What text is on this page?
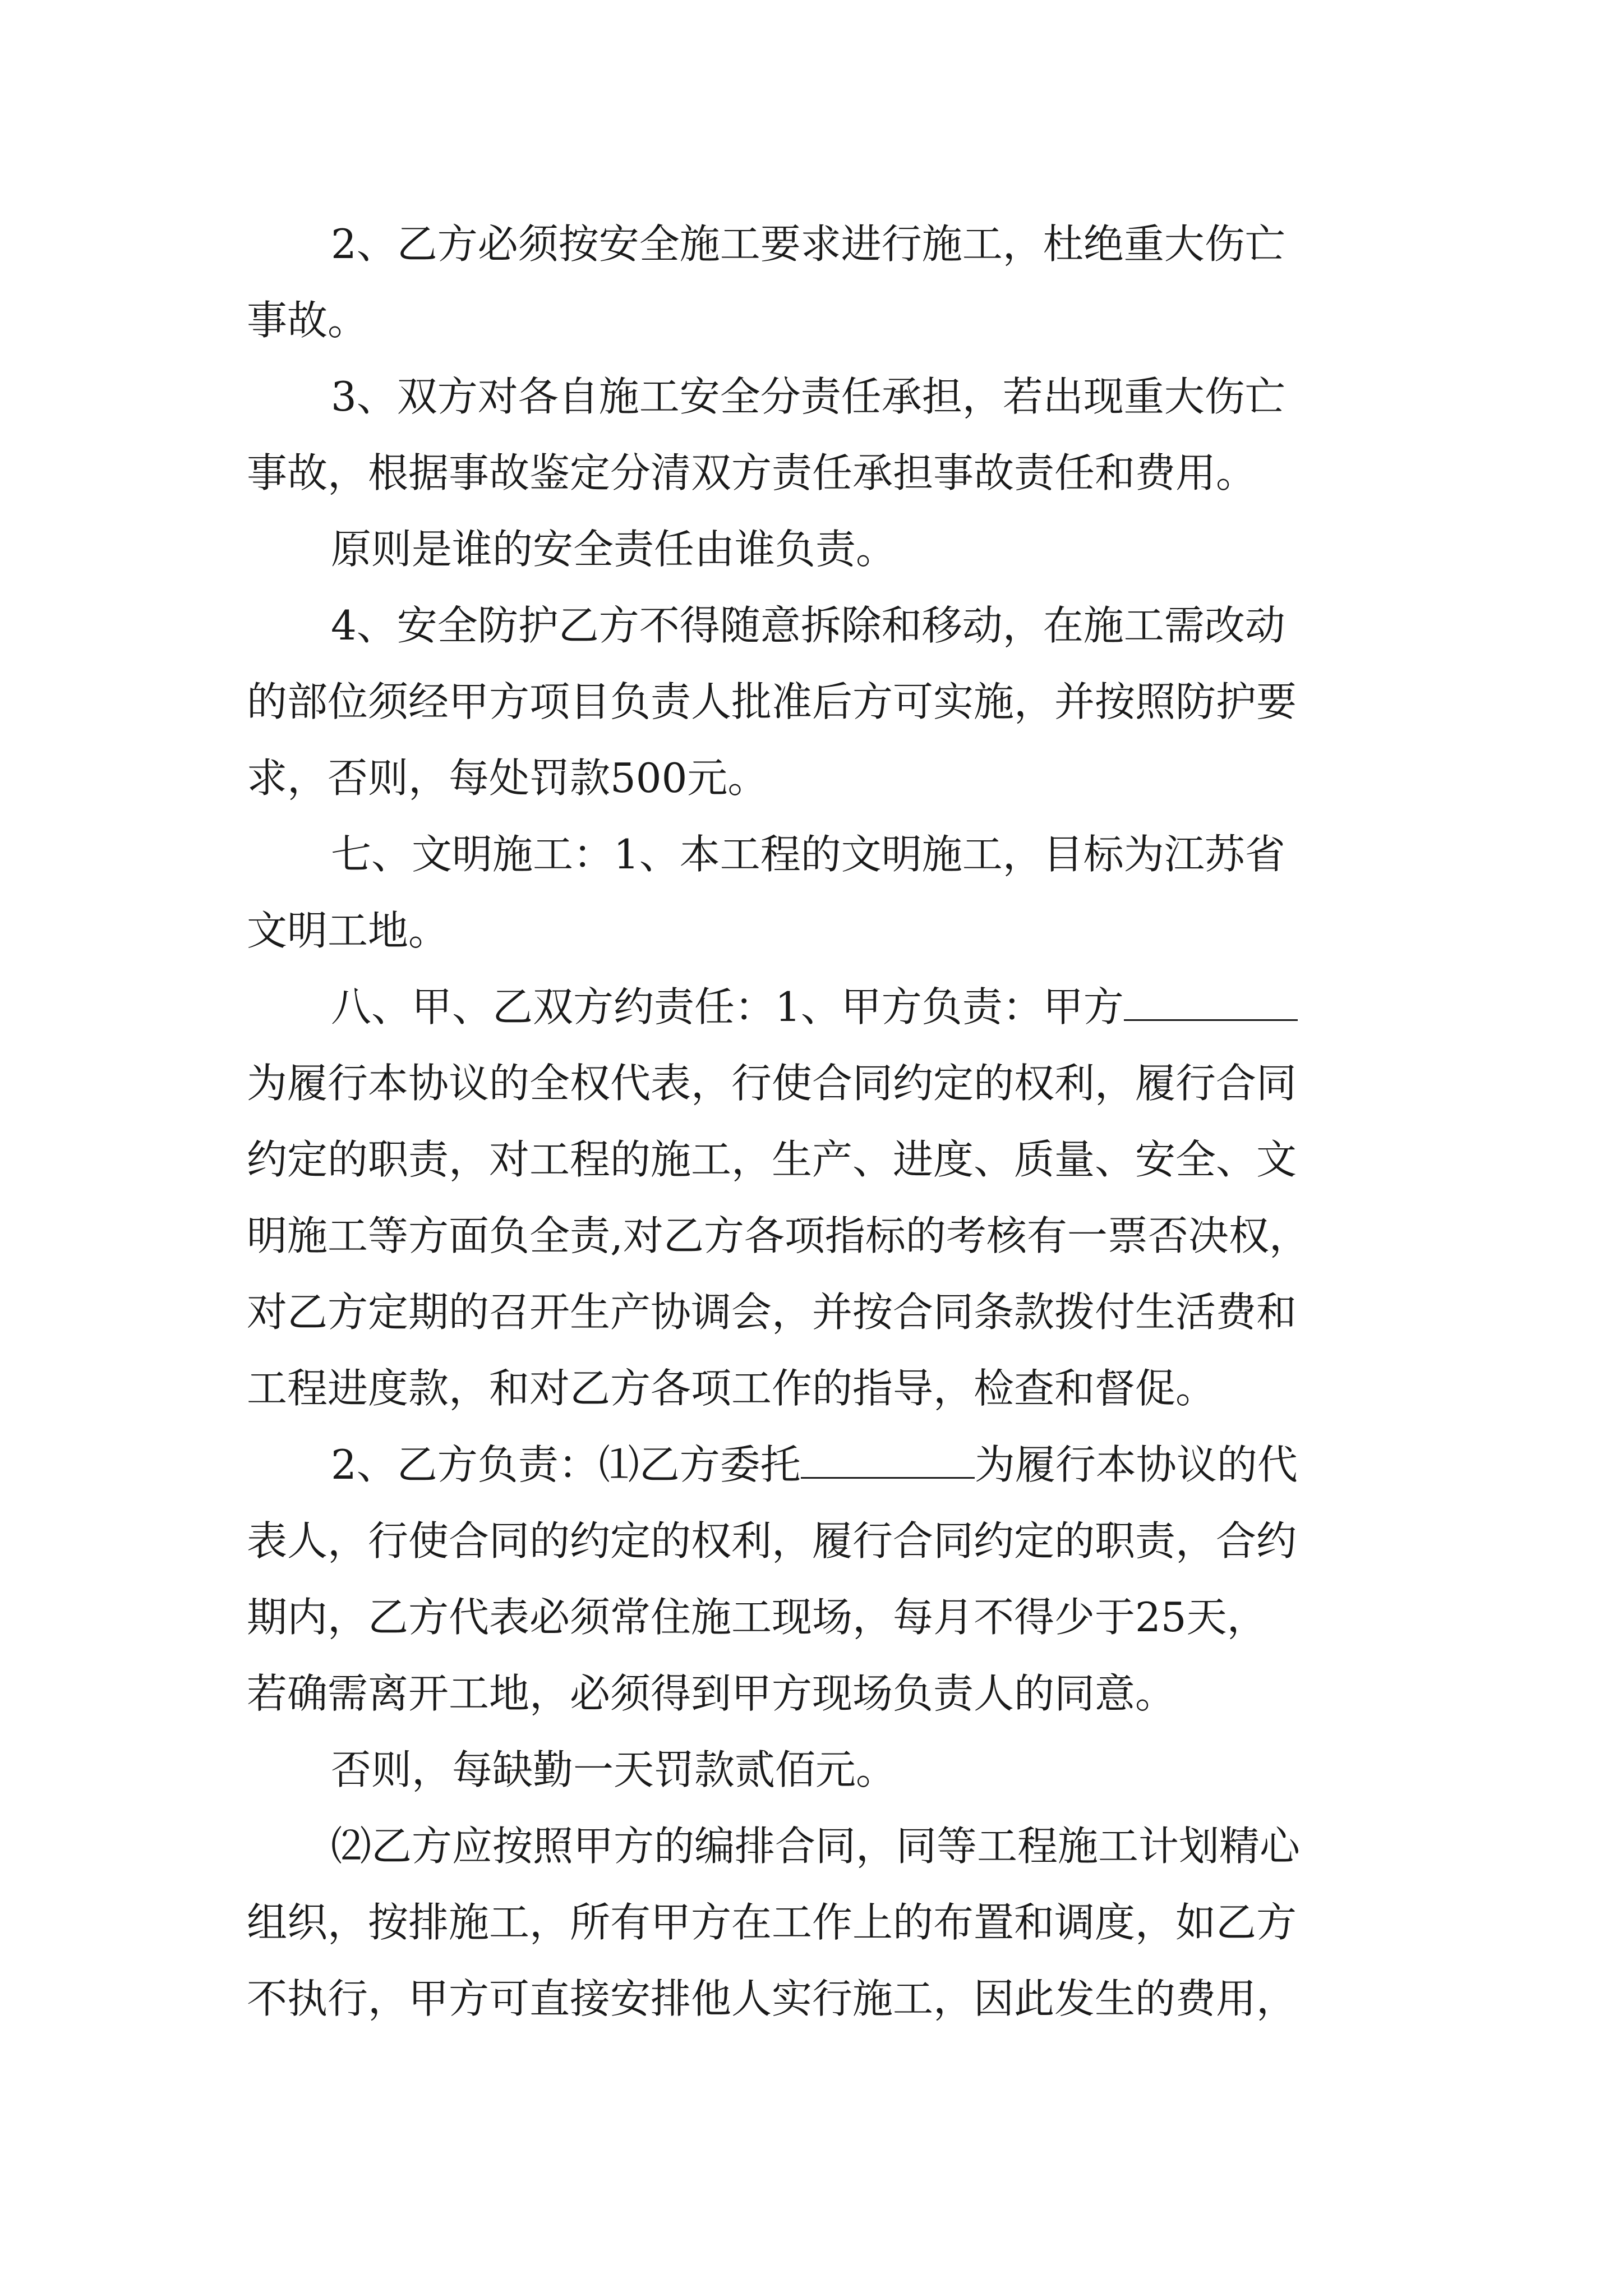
2、乙方必须按安全施工要求进行施工，杜绝重大伤亡

事故。

3、双方对各自施工安全分责任承担，若出现重大伤亡

事故，根据事故鉴定分清双方责任承担事故责任和费用。

原则是谁的安全责任由谁负责。

4、安全防护乙方不得随意拆除和移动，在施工需改动

的部位须经甲方项目负责人批准后方可实施，并按照防护要

求，否则，每处罚款500元。

七、文明施工：1、本工程的文明施工，目标为江苏省

文明工地。

八、甲、乙双方约责任：1、甲方负责：甲方

为履行本协议的全权代表，行使合同约定的权利，履行合同

约定的职责，对工程的施工，生产、进度、质量、安全、文

明施工等方面负全责,对乙方各项指标的考核有一票否决权，

对乙方定期的召开生产协调会，并按合同条款拨付生活费和

工程进度款，和对乙方各项工作的指导，检查和督促。

2、乙方负责：⑴乙方委托	为履行本协议的代

表人，行使合同的约定的权利，履行合同约定的职责，合约

期内，乙方代表必须常住施工现场，每月不得少于25天，

若确需离开工地，必须得到甲方现场负责人的同意。

否则，每缺勤一天罚款贰佰元。

⑵乙方应按照甲方的编排合同，同等工程施工计划精心

组织，按排施工，所有甲方在工作上的布置和调度，如乙方

不执行，甲方可直接安排他人实行施工，因此发生的费用，
